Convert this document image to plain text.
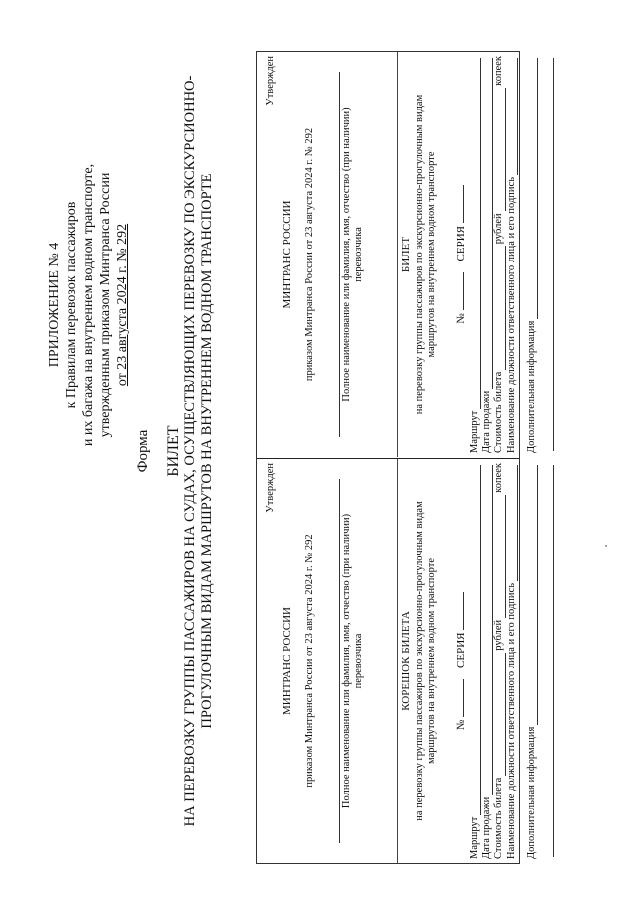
ПРИЛОЖЕНИЕ № 4 к Правилам перевозок пассажиров и их багажа на внутреннем водном транспорте, утвержденным приказом Минтранса России от 23 августа 2024 г. № 292
Форма БИЛЕТ НА ПЕРЕВОЗКУ ГРУППЫ ПАССАЖИРОВ НА СУДАХ, ОСУЩЕСТВЛЯЮЩИХ ПЕРЕВОЗКУ ПО ЭКСКУРСИОННО- ПРОГУЛОЧНЫМ ВИДАМ МАРШРУТОВ НА ВНУТРЕННЕМ ВОДНОМ ТРАНСПОРТЕ	Утвержден
МИНТРАНС РОССИИ приказом Минтранса России от 23 августа 2024 г. № 292 Полное наименование или фамилия, имя, отчество (при наличии) перевозчика	КОРЕШОК БИЛЕТА на перевозку группы пассажиров по экскурсионно-прогулочным видам маршрутов на внутреннем водном транспорте №     СЕРИЯ
Маршрут Дата продажи Стоимость билета
рублей
копеек
Наименование должности ответственного лица и его подпись Дополнительная информация
Утвержден
МИНТРАНС РОССИИ приказом Минтранса России от 23 августа 2024 г. № 292 Полное наименование или фамилия, имя, отчество (при наличии) перевозчика	БИЛЕТ на перевозку группы пассажиров по экскурсионно-прогулочным видам маршрутов на внутреннем водном транспорте №     СЕРИЯ
Маршрут Дата продажи Стоимость билета
рублей
копеек
Наименование должности ответственного лица и его подпись Дополнительная информация
